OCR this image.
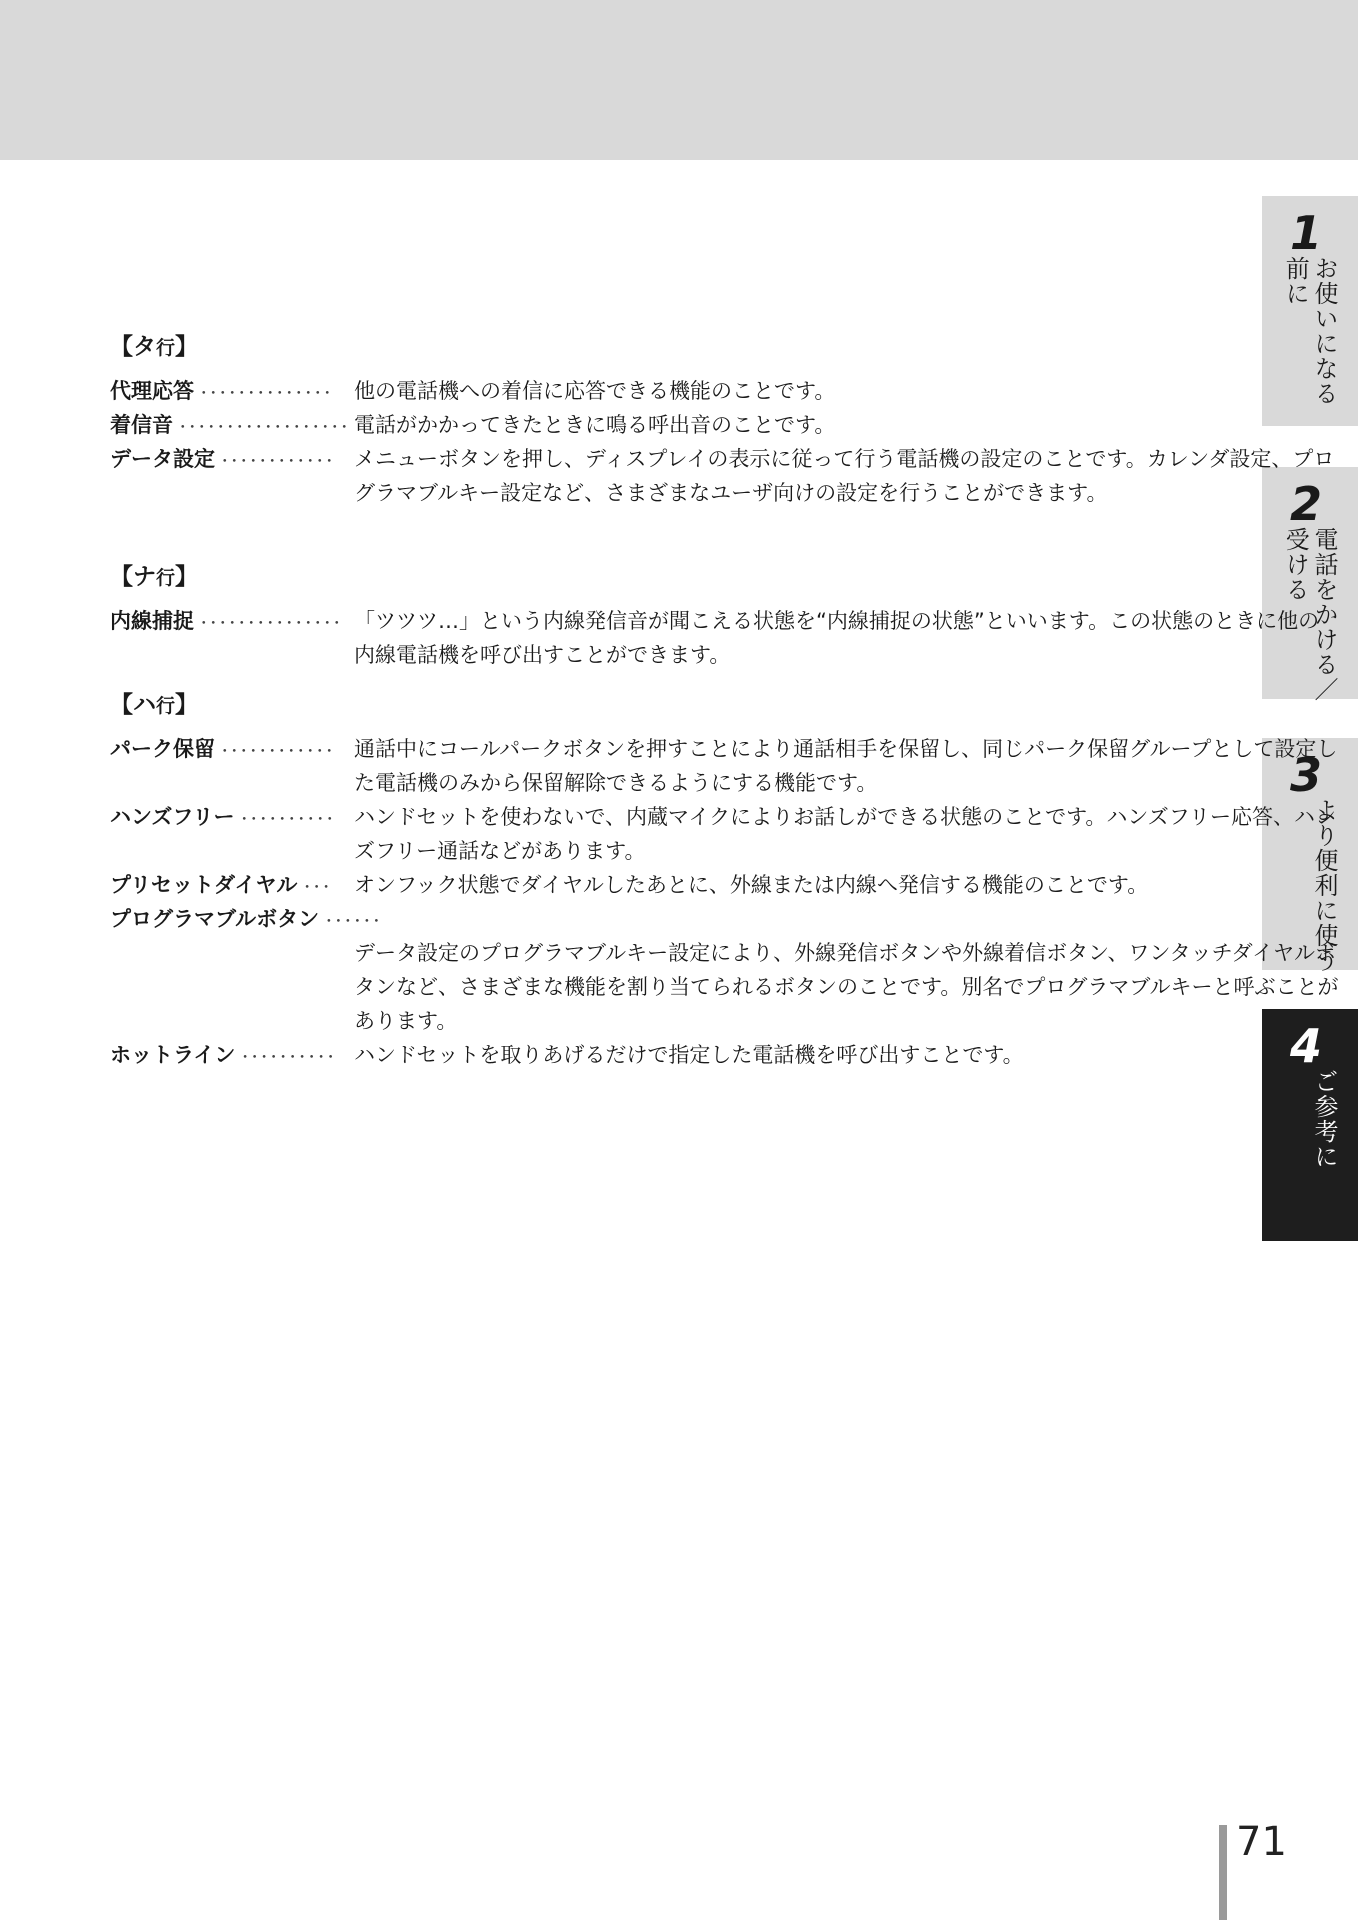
1
お使いになる
前に
2
電話をかける／
受ける
3
より便利に使う
4
ご参考に
【タ行】
代理応答 ･･････････････ 他の電話機への着信に応答できる機能のことです。
着信音 ･･････････････････ 電話がかかってきたときに鳴る呼出音のことです。
データ設定 ････････････ メニューボタンを押し、ディスプレイの表示に従って行う電話機の設定のことです。カレンダ設定、プログラマブルキー設定など、さまざまなユーザ向けの設定を行うことができます。
【ナ行】
内線捕捉 ･･･････････････ 「ツツツ…」という内線発信音が聞こえる状態を“内線捕捉の状態”といいます。この状態のときに他の内線電話機を呼び出すことができます。
【ハ行】
パーク保留 ････････････ 通話中にコールパークボタンを押すことにより通話相手を保留し、同じパーク保留グループとして設定した電話機のみから保留解除できるようにする機能です。
ハンズフリー ･･････････ ハンドセットを使わないで、内蔵マイクによりお話しができる状態のことです。ハンズフリー応答、ハンズフリー通話などがあります。
プリセットダイヤル ･･･ オンフック状態でダイヤルしたあとに、外線または内線へ発信する機能のことです。
プログラマブルボタン ･･････
データ設定のプログラマブルキー設定により、外線発信ボタンや外線着信ボタン、ワンタッチダイヤルボタンなど、さまざまな機能を割り当てられるボタンのことです。別名でプログラマブルキーと呼ぶことがあります。
ホットライン ･･････････ ハンドセットを取りあげるだけで指定した電話機を呼び出すことです。
71
